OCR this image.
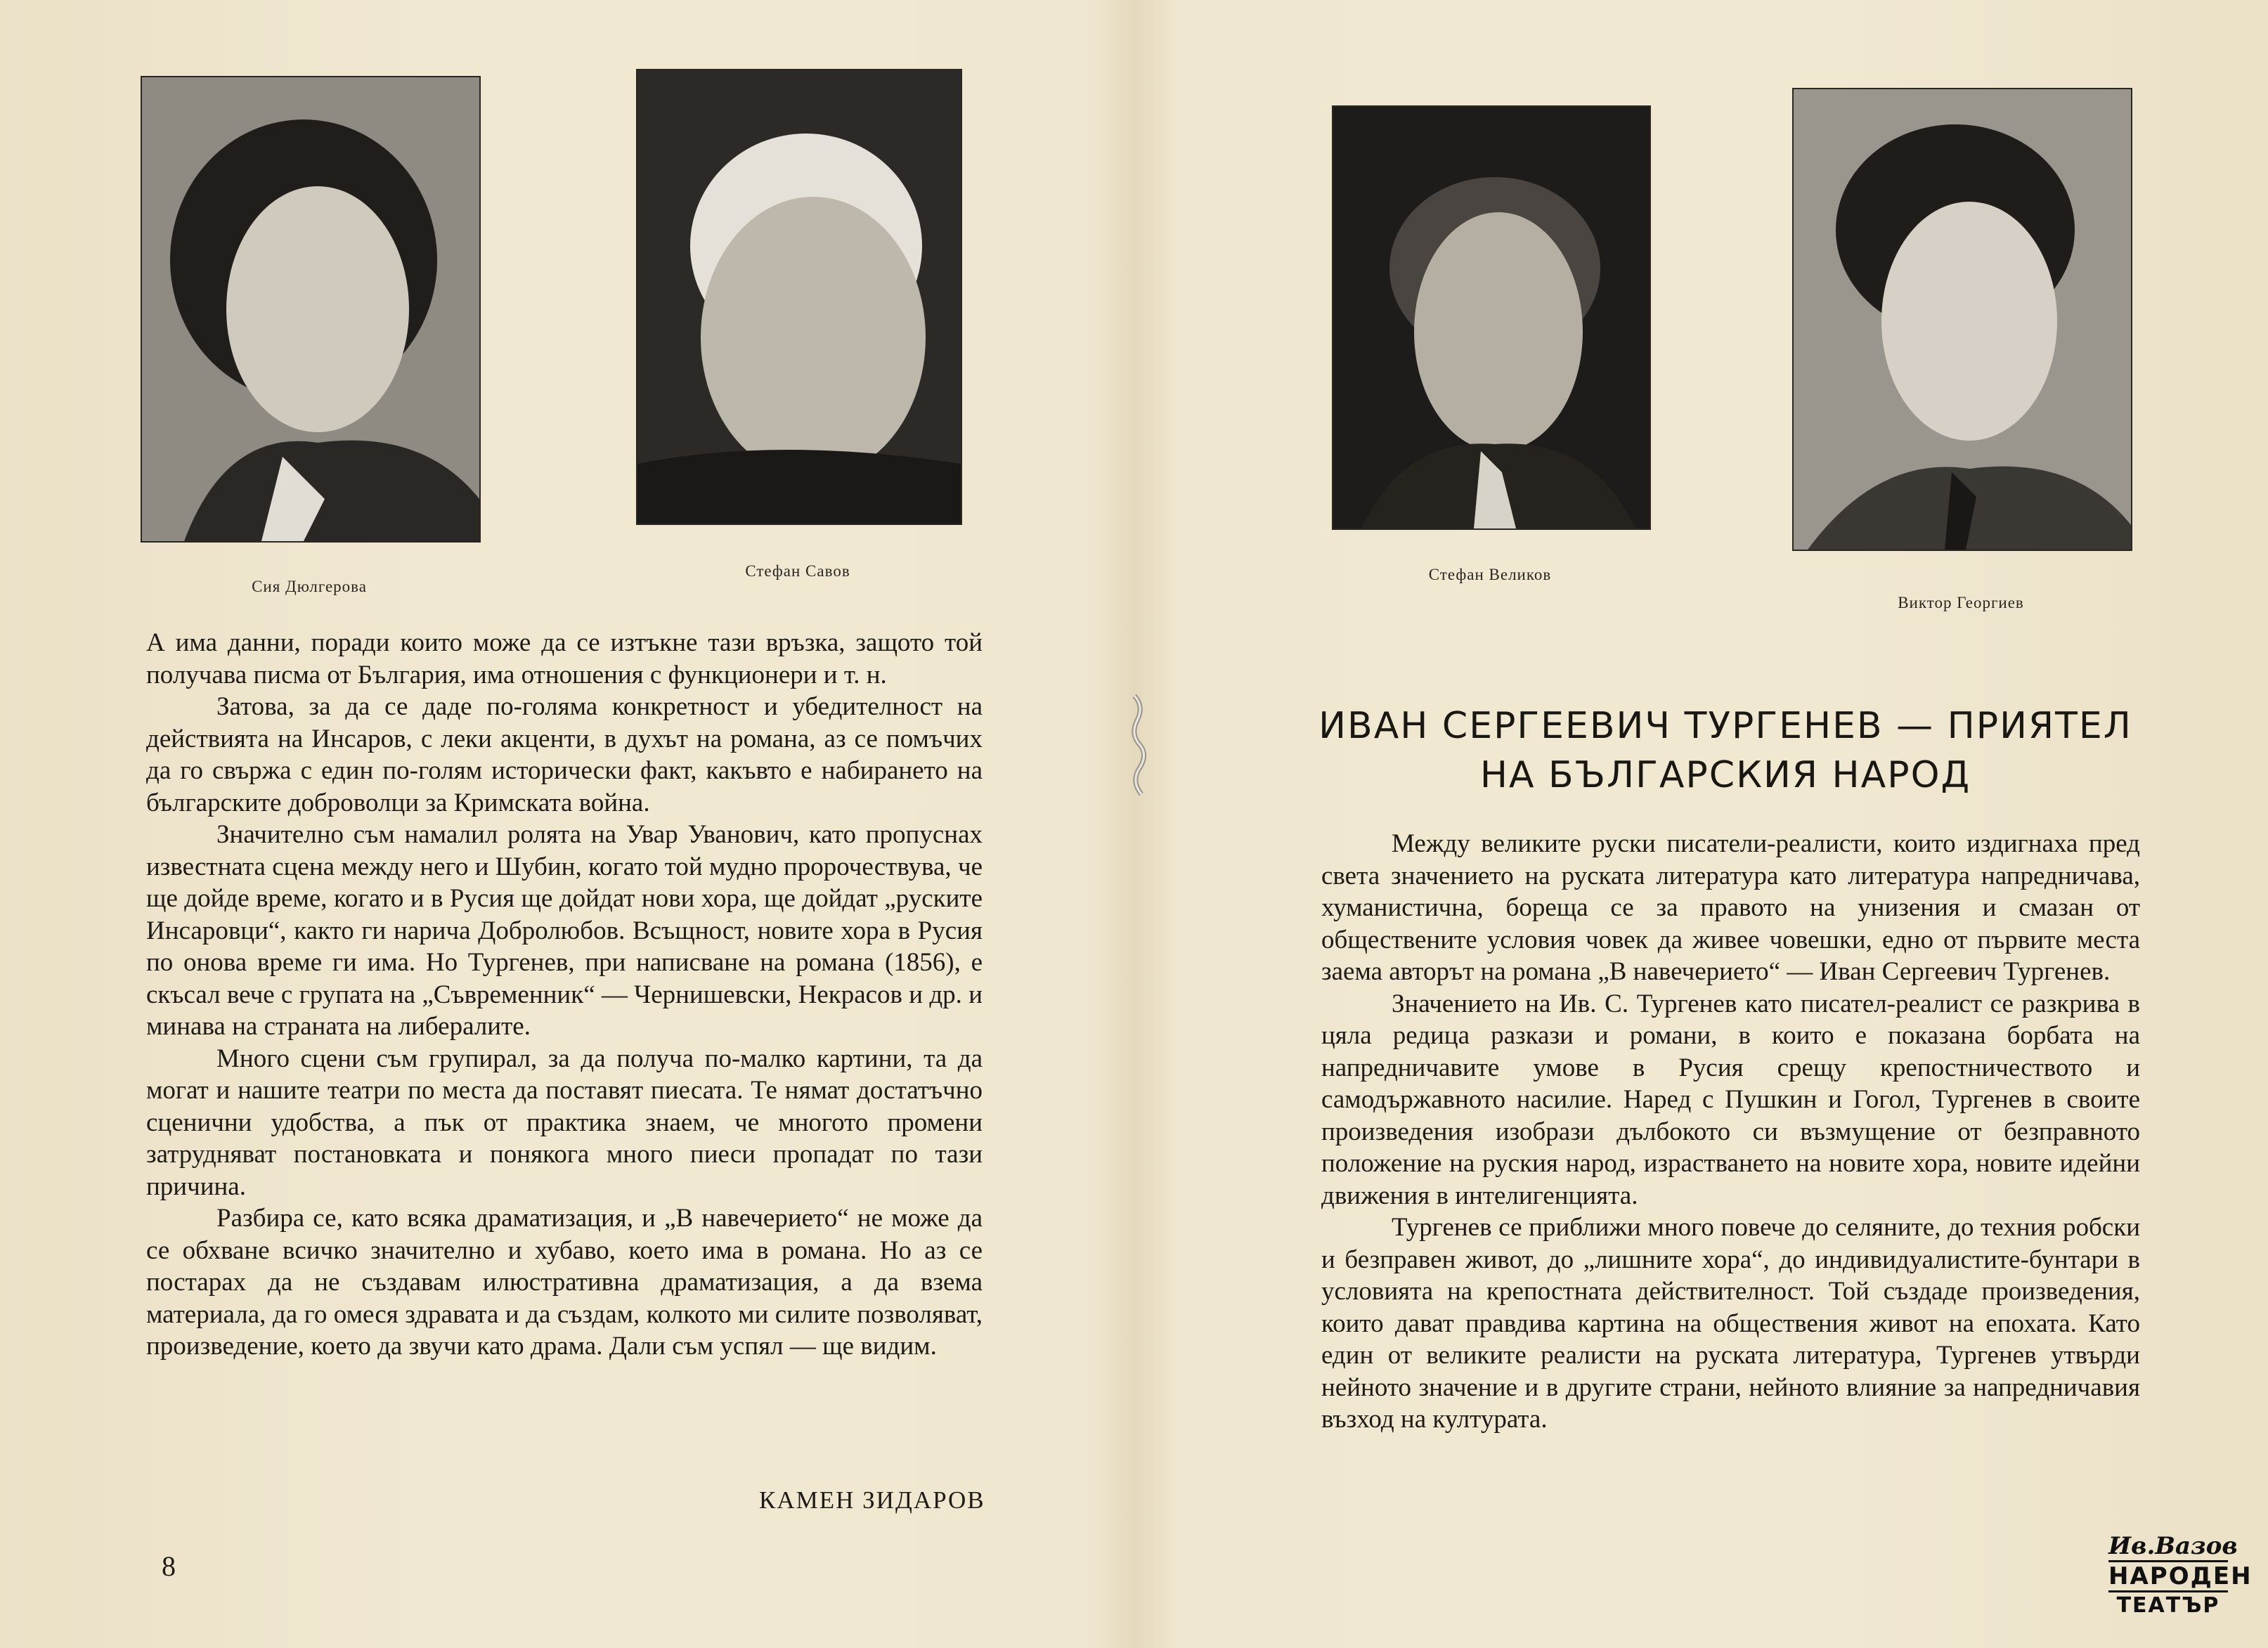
Сия Дюлгерова
Стефан Савов

А има данни, поради които може да се изтъкне тази връзка, защото той получава писма от България, има отношения с функционери и т. н.

Затова, за да се даде по-голяма конкретност и убедителност на действията на Инсаров, с леки акценти, в духът на романа, аз се помъчих да го свържа с един по-голям исторически факт, какъвто е набирането на българските доброволци за Кримската война.

Значително съм намалил ролята на Увар Уванович, като пропуснах известната сцена между него и Шубин, когато той мудно пророчествува, че ще дойде време, когато и в Русия ще дойдат нови хора, ще дойдат „руските Инсаровци“, както ги нарича Добролюбов. Всъщност, новите хора в Русия по онова време ги има. Но Тургенев, при написване на романа (1856), е скъсал вече с групата на „Съвременник“ — Чернишевски, Некрасов и др. и минава на страната на либералите.

Много сцени съм групирал, за да получа по-малко картини, та да могат и нашите театри по места да поставят пиесата. Те нямат достатъчно сценични удобства, а пък от практика знаем, че многото промени затрудняват постановката и понякога много пиеси пропадат по тази причина.

Разбира се, като всяка драматизация, и „В навечерието“ не може да се обхване всичко значително и хубаво, което има в романа. Но аз се постарах да не създавам илюстративна драматизация, а да взема материала, да го омеся здравата и да създам, колкото ми силите позволяват, произведение, което да звучи като драма. Дали съм успял — ще видим.

КАМЕН ЗИДАРОВ
8
Стефан Великов
Виктор Георгиев
ИВАН СЕРГЕЕВИЧ ТУРГЕНЕВ — ПРИЯТЕЛ
НА БЪЛГАРСКИЯ НАРОД

Между великите руски писатели-реалисти, които издигнаха пред света значението на руската литература като литература напредничава, хуманистична, бореща се за правото на унизения и смазан от обществените условия човек да живее човешки, едно от първите места заема авторът на романа „В навечерието“ — Иван Сергеевич Тургенев.

Значението на Ив. С. Тургенев като писател-реалист се разкрива в цяла редица разкази и романи, в които е показана борбата на напредничавите умове в Русия срещу крепостничеството и самодържавното насилие. Наред с Пушкин и Гогол, Тургенев в своите произведения изобрази дълбокото си възмущение от безправното положение на руския народ, израстването на новите хора, новите идейни движения в интелигенцията.

Тургенев се приближи много повече до селяните, до техния робски и безправен живот, до „лишните хора“, до индивидуалистите-бунтари в условията на крепостната действителност. Той създаде произведения, които дават правдива картина на обществения живот на епохата. Като един от великите реалисти на руската литература, Тургенев утвърди нейното значение и в другите страни, нейното влияние за напредничавия възход на културата.

Ив.Вазов
НАРОДЕН
ТЕАТЪР
